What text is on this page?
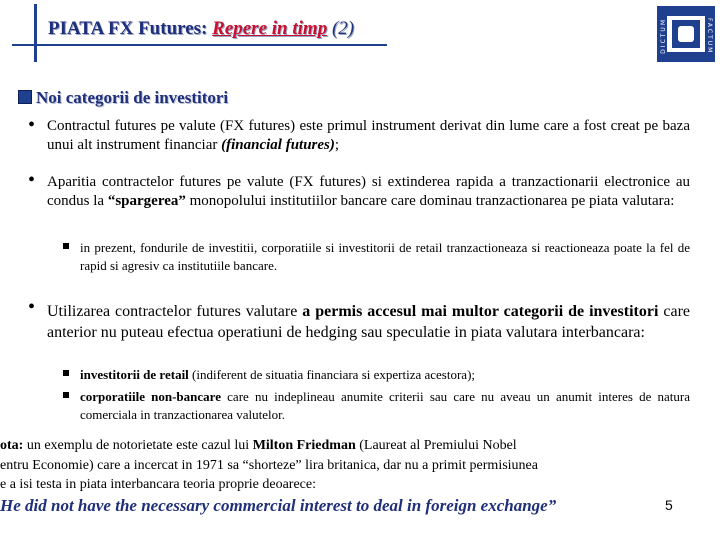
PIATA FX Futures: Repere in timp (2)	DICTUM	FACTUM
Noi categorii de investitori
• Contractul futures pe valute (FX futures) este primul instrument derivat din lume care a fost creat pe baza unui alt instrument financiar (financial futures);
• Aparitia contractelor futures pe valute (FX futures) si extinderea rapida a tranzactionarii electronice au condus la “spargerea” monopolului institutiilor bancare care dominau tranzactionarea pe piata valutara:
in prezent, fondurile de investitii, corporatiile si investitorii de retail tranzactioneaza si reactioneaza poate la fel de rapid si agresiv ca institutiile bancare.
• Utilizarea contractelor futures valutare a permis accesul mai multor categorii de investitori care anterior nu puteau efectua operatiuni de hedging sau speculatie in piata valutara interbancara:
investitorii de retail (indiferent de situatia financiara si expertiza acestora);
corporatiile non-bancare care nu indeplineau anumite criterii sau care nu aveau un anumit interes de natura comerciala in tranzactionarea valutelor.
ota: un exemplu de notorietate este cazul lui Milton Friedman (Laureat al Premiului Nobel
entru Economie) care a incercat in 1971 sa “shorteze” lira britanica, dar nu a primit permisiunea
e a isi testa in piata interbancara teoria proprie deoarece:
He did not have the necessary commercial interest to deal in foreign exchange”	5
